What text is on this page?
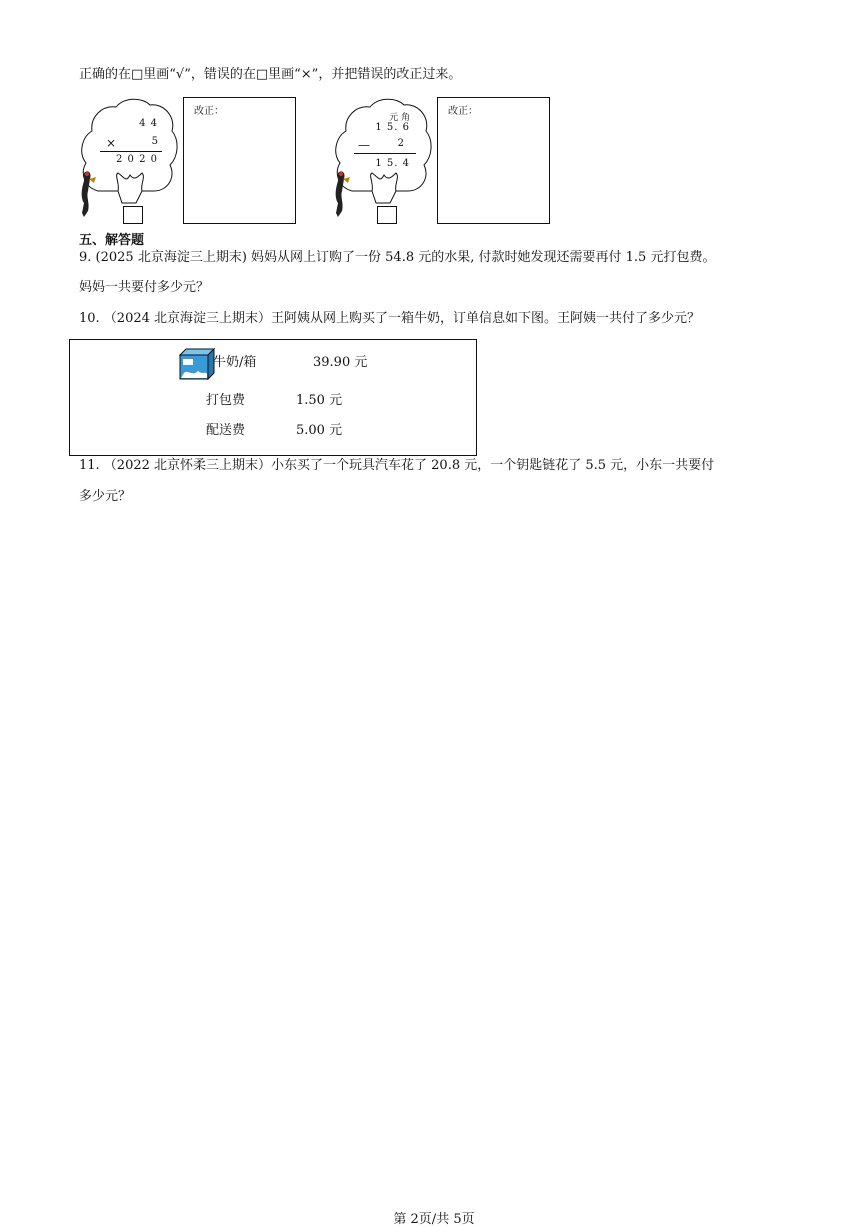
正确的在□里画“√”，错误的在□里画“×”，并把错误的改正过来。
4 4
×	5
2 0 2 0
改正：
元 角
1 5. 6
—	2
1 5. 4
改正：
五、解答题
9. (2025 北京海淀三上期末) 妈妈从网上订购了一份 54.8 元的水果, 付款时她发现还需要再付 1.5 元打包费。
妈妈一共要付多少元？
10. （2024 北京海淀三上期末）王阿姨从网上购买了一箱牛奶，订单信息如下图。王阿姨一共付了多少元？
牛奶/箱	39.90 元
打包费	1.50 元
配送费	5.00 元
11. （2022 北京怀柔三上期末）小东买了一个玩具汽车花了 20.8 元，一个钥匙链花了 5.5 元，小东一共要付
多少元？
第 2页/共 5页
